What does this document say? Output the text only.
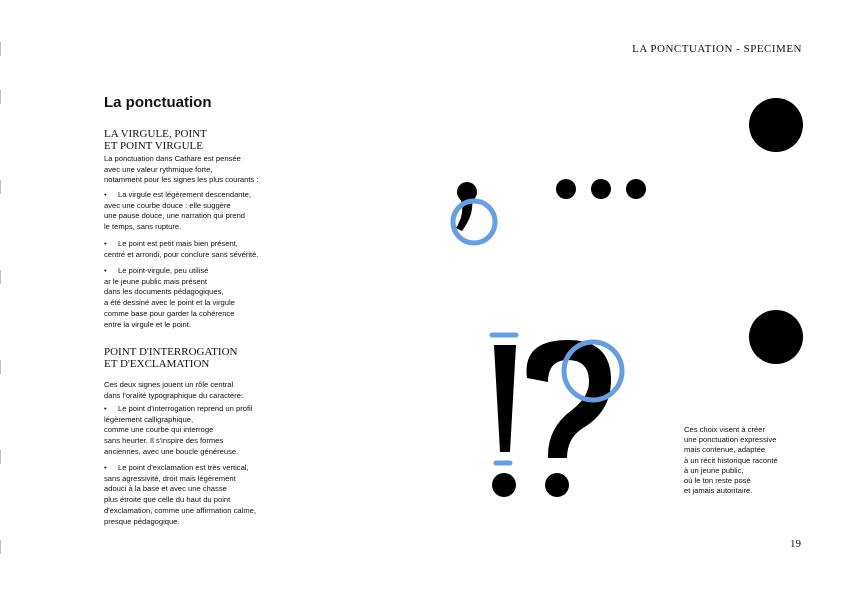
LA PONCTUATION - SPECIMEN
La ponctuation
LA VIRGULE, POINT
ET POINT VIRGULE

La ponctuation dans Cathare est pensée
avec une valeur rythmique forte,
notamment pour les signes les plus courants :

• La virgule est légèrement descendante,
avec une courbe douce : elle suggère
une pause douce, une narration qui prend
le temps, sans rupture.

• Le point est petit mais bien présent,
centré et arrondi, pour conclure sans sévérité.

• Le point-virgule, peu utilisé
ar le jeune public mais présent
dans les documents pédagogiques,
a été dessiné avec le point et la virgule
comme base pour garder la cohérence
entre la virgule et le point.

POINT D'INTERROGATION
ET D'EXCLAMATION

Ces deux signes jouent un rôle central
dans l'oralité typographique du caractère:

• Le point d'interrogation reprend un profil
légèrement calligraphique,
comme une courbe qui interroge
sans heurter. Il s'inspire des formes
anciennes, avec une boucle généreuse.

• Le point d'exclamation est très vertical,
sans agressivité, droit mais légèrement
adouci à la base et avec une chasse
plus étroite que celle du haut du point
d'exclamation, comme une affirmation calme,
presque pédagogique.

Ces choix visent à créer
une ponctuation expressive
mais contenue, adaptée
à un récit historique raconté
à un jeune public,
où le ton reste posé
et jamais autoritaire.
19
